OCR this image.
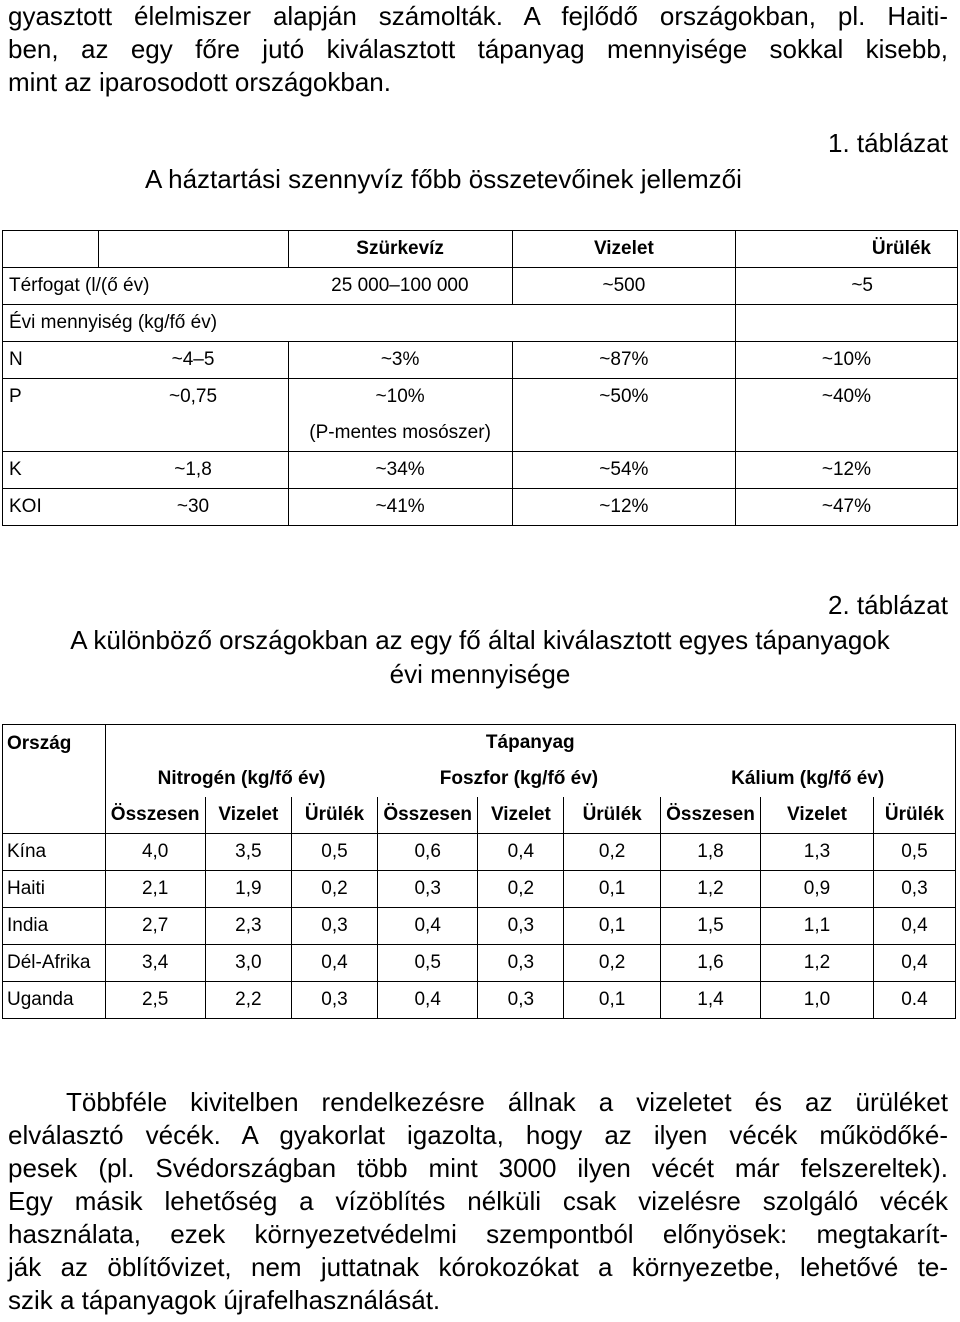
gyasztott élelmiszer alapján számolták. A fejlődő országokban, pl. Haiti-
ben, az egy főre jutó kiválasztott tápanyag mennyisége sokkal kisebb,
mint az iparosodott országokban.
1. táblázat
A háztartási szennyvíz főbb összetevőinek jellemzői
		Szürkevíz	Vizelet	Ürülék
Térfogat (l/(ő év)		25 000–100 000	~500	~5
Évi mennyiség (kg/fő év)				
N	~4–5	~3%	~87%	~10%
P	~0,75	~10%	~50%	~40%
		(P-mentes mosószer)		
K	~1,8	~34%	~54%	~12%
KOI	~30	~41%	~12%	~47%
2. táblázat
A különböző országokban az egy fő által kiválasztott egyes tápanyagok
évi mennyisége
Ország	Tápanyag								
	Nitrogén (kg/fő év)			Foszfor (kg/fő év)			Kálium (kg/fő év)		
	Összesen	Vizelet	Ürülék	Összesen	Vizelet	Ürülék	Összesen	Vizelet	Ürülék
Kína	4,0	3,5	0,5	0,6	0,4	0,2	1,8	1,3	0,5
Haiti	2,1	1,9	0,2	0,3	0,2	0,1	1,2	0,9	0,3
India	2,7	2,3	0,3	0,4	0,3	0,1	1,5	1,1	0,4
Dél-Afrika	3,4	3,0	0,4	0,5	0,3	0,2	1,6	1,2	0,4
Uganda	2,5	2,2	0,3	0,4	0,3	0,1	1,4	1,0	0.4
Többféle kivitelben rendelkezésre állnak a vizeletet és az ürüléket
elválasztó vécék. A gyakorlat igazolta, hogy az ilyen vécék működőké-
pesek (pl. Svédországban több mint 3000 ilyen vécét már felszereltek).
Egy másik lehetőség a vízöblítés nélküli csak vizelésre szolgáló vécék
használata, ezek környezetvédelmi szempontból előnyösek: megtakarít-
ják az öblítővizet, nem juttatnak kórokozókat a környezetbe, lehetővé te-
szik a tápanyagok újrafelhasználását.
